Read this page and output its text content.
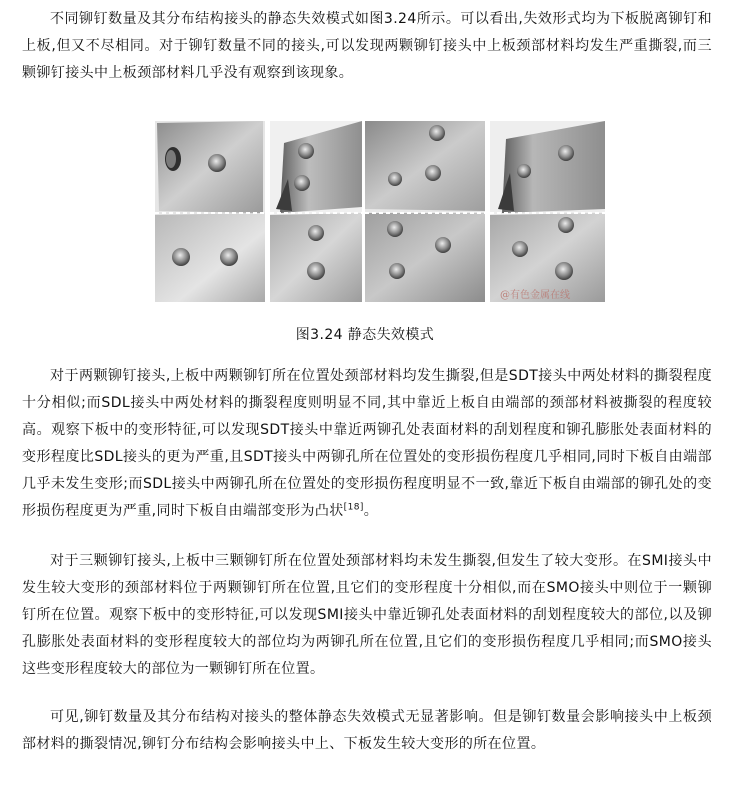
不同铆钉数量及其分布结构接头的静态失效模式如图3.24所示。可以看出,失效形式均为下板脱离铆钉和上板,但又不尽相同。对于铆钉数量不同的接头,可以发现两颗铆钉接头中上板颈部材料均发生严重撕裂,而三颗铆钉接头中上板颈部材料几乎没有观察到该现象。

@有色金属在线
图3.24 静态失效模式

对于两颗铆钉接头,上板中两颗铆钉所在位置处颈部材料均发生撕裂,但是SDT接头中两处材料的撕裂程度十分相似;而SDL接头中两处材料的撕裂程度则明显不同,其中靠近上板自由端部的颈部材料被撕裂的程度较高。观察下板中的变形特征,可以发现SDT接头中靠近两铆孔处表面材料的刮划程度和铆孔膨胀处表面材料的变形程度比SDL接头的更为严重,且SDT接头中两铆孔所在位置处的变形损伤程度几乎相同,同时下板自由端部几乎未发生变形;而SDL接头中两铆孔所在位置处的变形损伤程度明显不一致,靠近下板自由端部的铆孔处的变形损伤程度更为严重,同时下板自由端部变形为凸状[18]。

对于三颗铆钉接头,上板中三颗铆钉所在位置处颈部材料均未发生撕裂,但发生了较大变形。在SMI接头中发生较大变形的颈部材料位于两颗铆钉所在位置,且它们的变形程度十分相似,而在SMO接头中则位于一颗铆钉所在位置。观察下板中的变形特征,可以发现SMI接头中靠近铆孔处表面材料的刮划程度较大的部位,以及铆孔膨胀处表面材料的变形程度较大的部位均为两铆孔所在位置,且它们的变形损伤程度几乎相同;而SMO接头这些变形程度较大的部位为一颗铆钉所在位置。

可见,铆钉数量及其分布结构对接头的整体静态失效模式无显著影响。但是铆钉数量会影响接头中上板颈部材料的撕裂情况,铆钉分布结构会影响接头中上、下板发生较大变形的所在位置。
